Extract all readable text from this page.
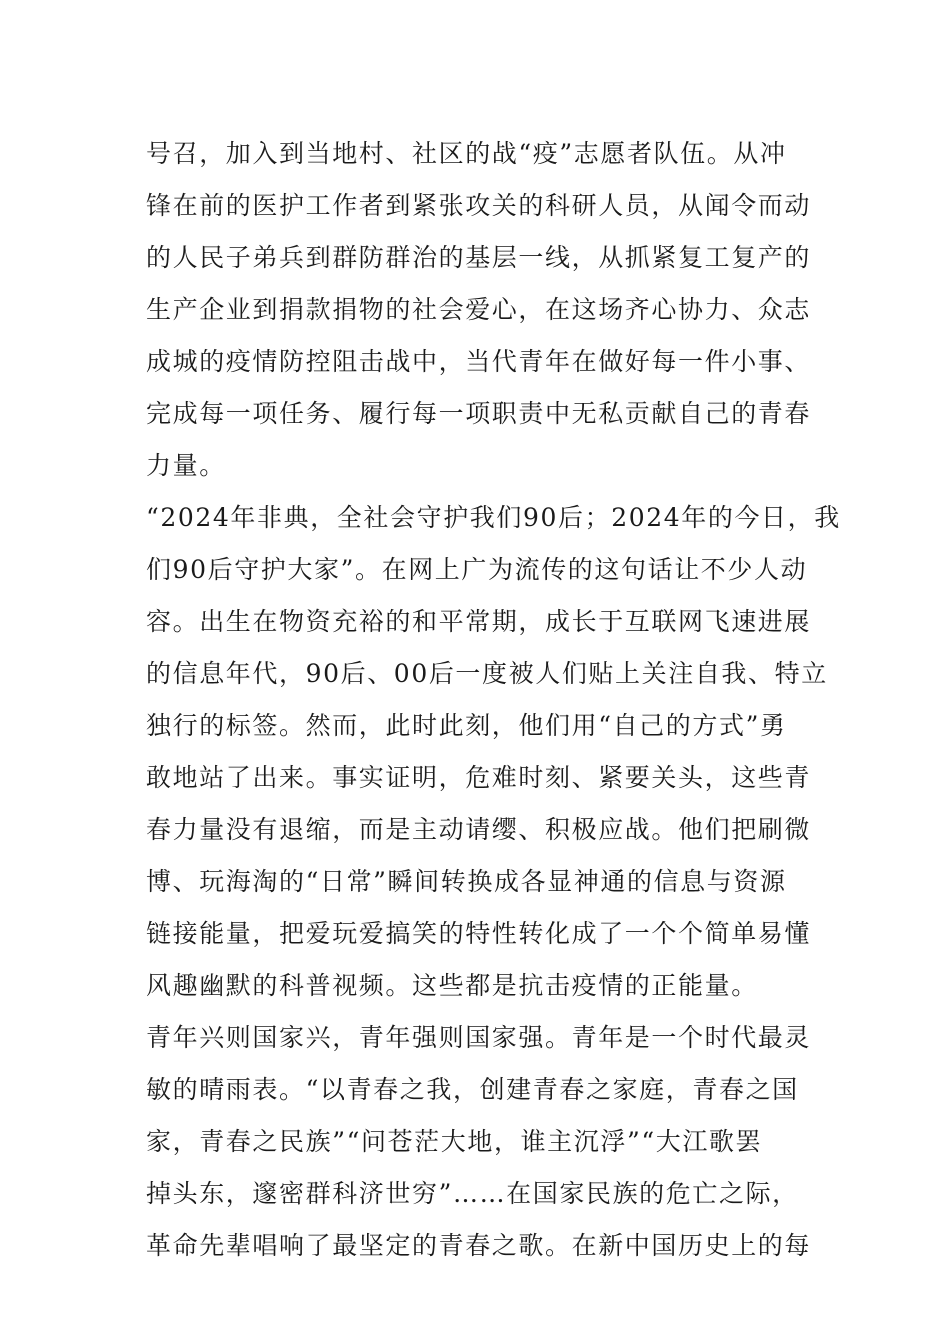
号召，加入到当地村、社区的战“疫”志愿者队伍。从冲
锋在前的医护工作者到紧张攻关的科研人员，从闻令而动
的人民子弟兵到群防群治的基层一线，从抓紧复工复产的
生产企业到捐款捐物的社会爱心，在这场齐心协力、众志
成城的疫情防控阻击战中，当代青年在做好每一件小事、
完成每一项任务、履行每一项职责中无私贡献自己的青春
力量。
“2024年非典，全社会守护我们90后；2024年的今日，我
们90后守护大家”。在网上广为流传的这句话让不少人动
容。出生在物资充裕的和平常期，成长于互联网飞速进展
的信息年代，90后、00后一度被人们贴上关注自我、特立
独行的标签。然而，此时此刻，他们用“自己的方式”勇
敢地站了出来。事实证明，危难时刻、紧要关头，这些青
春力量没有退缩，而是主动请缨、积极应战。他们把刷微
博、玩海淘的“日常”瞬间转换成各显神通的信息与资源
链接能量，把爱玩爱搞笑的特性转化成了一个个简单易懂
风趣幽默的科普视频。这些都是抗击疫情的正能量。
青年兴则国家兴，青年强则国家强。青年是一个时代最灵
敏的晴雨表。“以青春之我，创建青春之家庭，青春之国
家，青春之民族”“问苍茫大地，谁主沉浮”“大江歌罢
掉头东，邃密群科济世穷”……在国家民族的危亡之际，
革命先辈唱响了最坚定的青春之歌。在新中国历史上的每
